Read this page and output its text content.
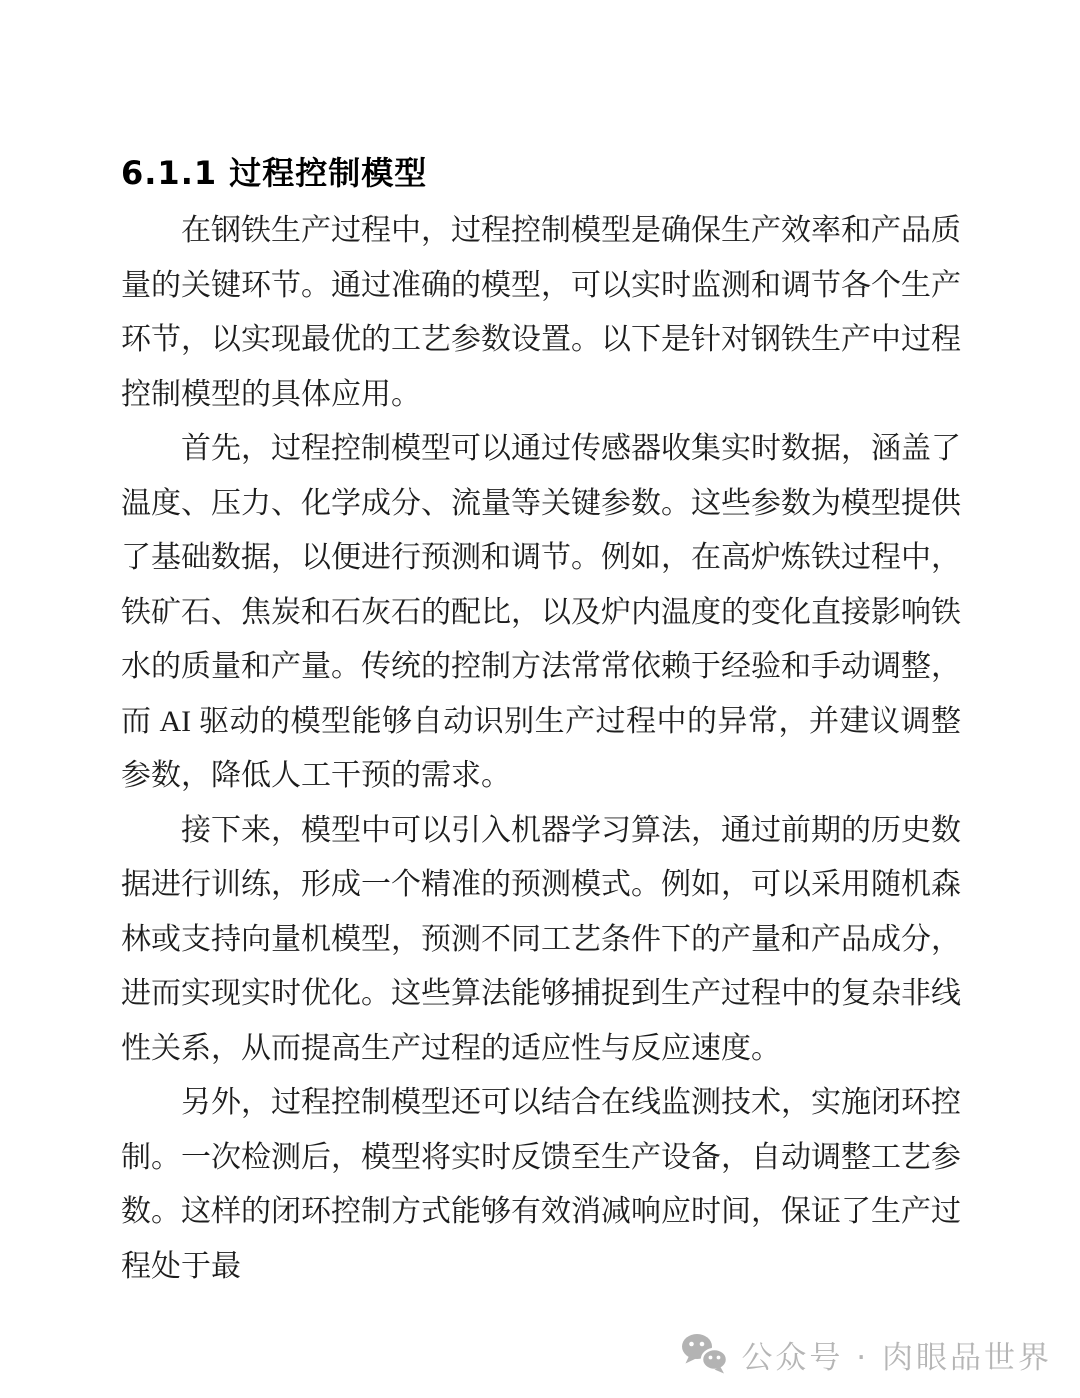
6.1.1 过程控制模型

在钢铁生产过程中，过程控制模型是确保生产效率和产品质量的关键环节。通过准确的模型，可以实时监测和调节各个生产环节，以实现最优的工艺参数设置。以下是针对钢铁生产中过程控制模型的具体应用。

首先，过程控制模型可以通过传感器收集实时数据，涵盖了温度、压力、化学成分、流量等关键参数。这些参数为模型提供了基础数据，以便进行预测和调节。例如，在高炉炼铁过程中，铁矿石、焦炭和石灰石的配比，以及炉内温度的变化直接影响铁水的质量和产量。传统的控制方法常常依赖于经验和手动调整，而 AI 驱动的模型能够自动识别生产过程中的异常，并建议调整参数，降低人工干预的需求。

接下来，模型中可以引入机器学习算法，通过前期的历史数据进行训练，形成一个精准的预测模式。例如，可以采用随机森林或支持向量机模型，预测不同工艺条件下的产量和产品成分，进而实现实时优化。这些算法能够捕捉到生产过程中的复杂非线性关系，从而提高生产过程的适应性与反应速度。

另外，过程控制模型还可以结合在线监测技术，实施闭环控制。一次检测后，模型将实时反馈至生产设备，自动调整工艺参数。这样的闭环控制方式能够有效消减响应时间，保证了生产过程处于最

公众号 · 肉眼品世界
